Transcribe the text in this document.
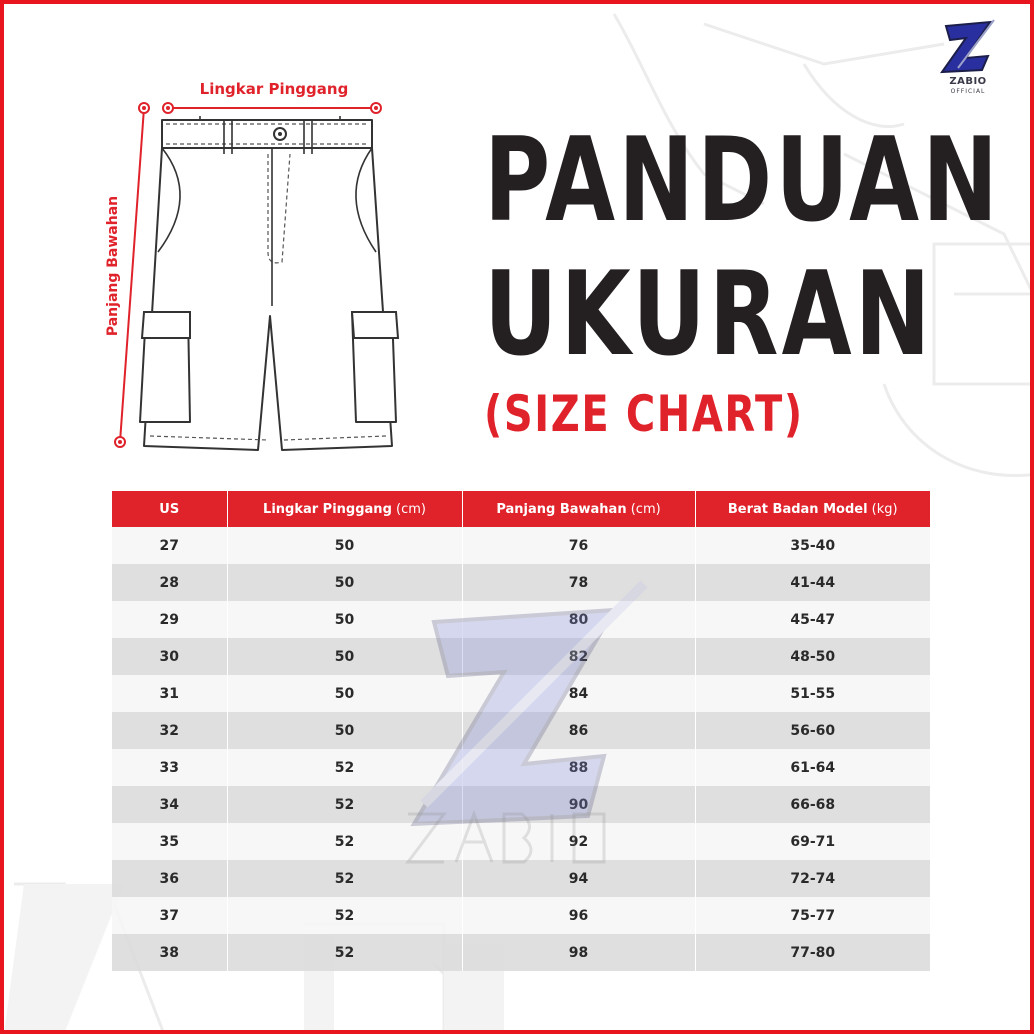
ZABIO
OFFICIAL
Lingkar Pinggang
Panjang Bawahan
PANDUAN
UKURAN
(SIZE CHART)
US	Lingkar Pinggang (cm)	Panjang Bawahan (cm)	Berat Badan Model (kg)
27	50	76	35-40
28	50	78	41-44
29	50	80	45-47
30	50	82	48-50
31	50	84	51-55
32	50	86	56-60
33	52	88	61-64
34	52	90	66-68
35	52	92	69-71
36	52	94	72-74
37	52	96	75-77
38	52	98	77-80
